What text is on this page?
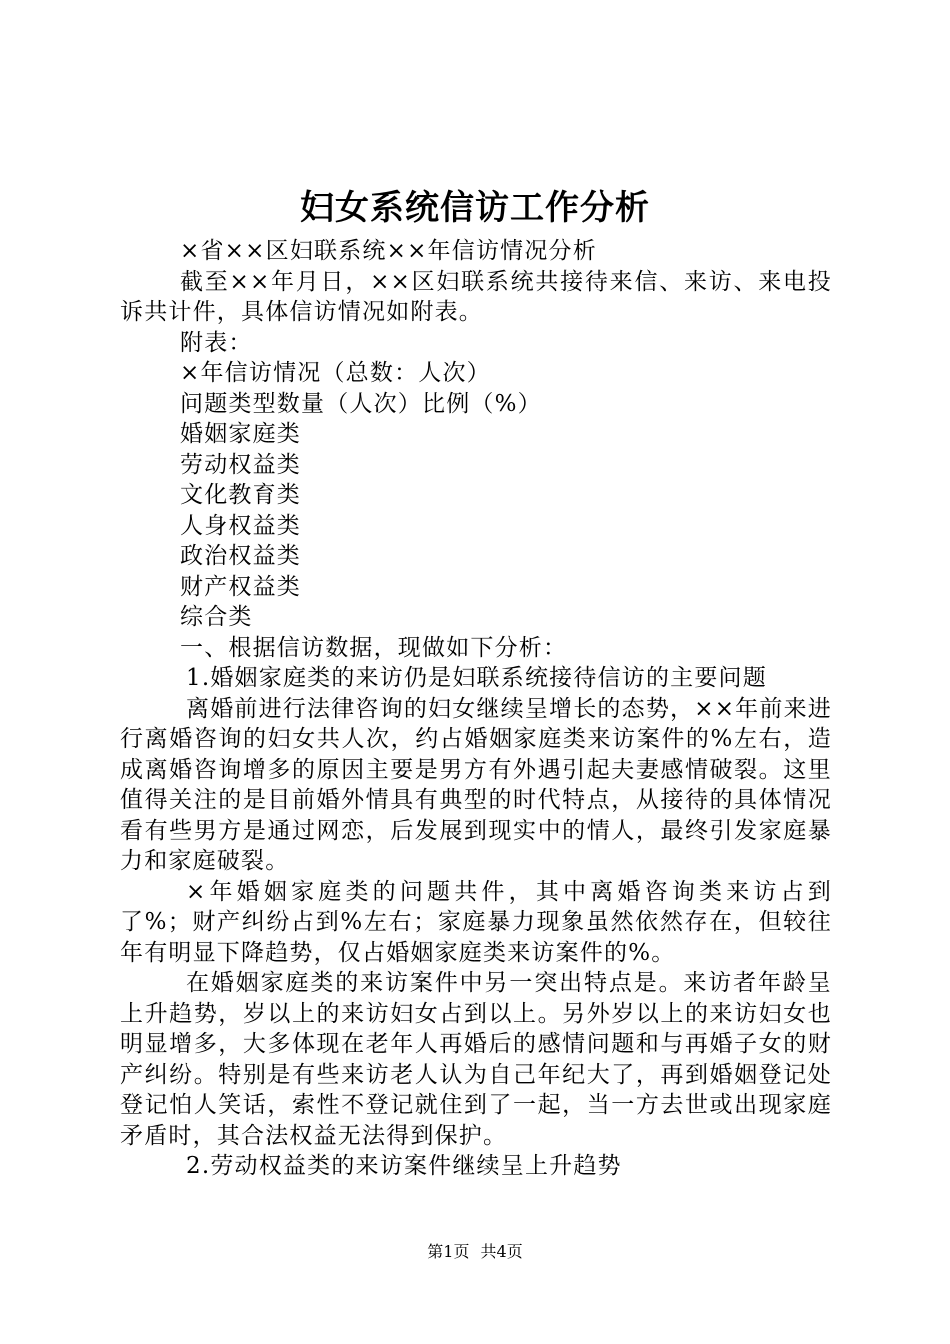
妇女系统信访工作分析

×省××区妇联系统××年信访情况分析

截至××年月日，××区妇联系统共接待来信、来访、来电投诉共计件，具体信访情况如附表。

附表：

×年信访情况（总数：人次）

问题类型数量（人次）比例（%）

婚姻家庭类

劳动权益类

文化教育类

人身权益类

政治权益类

财产权益类

综合类

一、根据信访数据，现做如下分析：

1.婚姻家庭类的来访仍是妇联系统接待信访的主要问题

离婚前进行法律咨询的妇女继续呈增长的态势，××年前来进行离婚咨询的妇女共人次，约占婚姻家庭类来访案件的%左右，造成离婚咨询增多的原因主要是男方有外遇引起夫妻感情破裂。这里值得关注的是目前婚外情具有典型的时代特点，从接待的具体情况看有些男方是通过网恋，后发展到现实中的情人，最终引发家庭暴力和家庭破裂。

×年婚姻家庭类的问题共件，其中离婚咨询类来访占到了%；财产纠纷占到%左右；家庭暴力现象虽然依然存在，但较往年有明显下降趋势，仅占婚姻家庭类来访案件的%。

在婚姻家庭类的来访案件中另一突出特点是。来访者年龄呈上升趋势，岁以上的来访妇女占到以上。另外岁以上的来访妇女也明显增多，大多体现在老年人再婚后的感情问题和与再婚子女的财产纠纷。特别是有些来访老人认为自己年纪大了，再到婚姻登记处登记怕人笑话，索性不登记就住到了一起，当一方去世或出现家庭矛盾时，其合法权益无法得到保护。

2.劳动权益类的来访案件继续呈上升趋势

第1页 共4页
